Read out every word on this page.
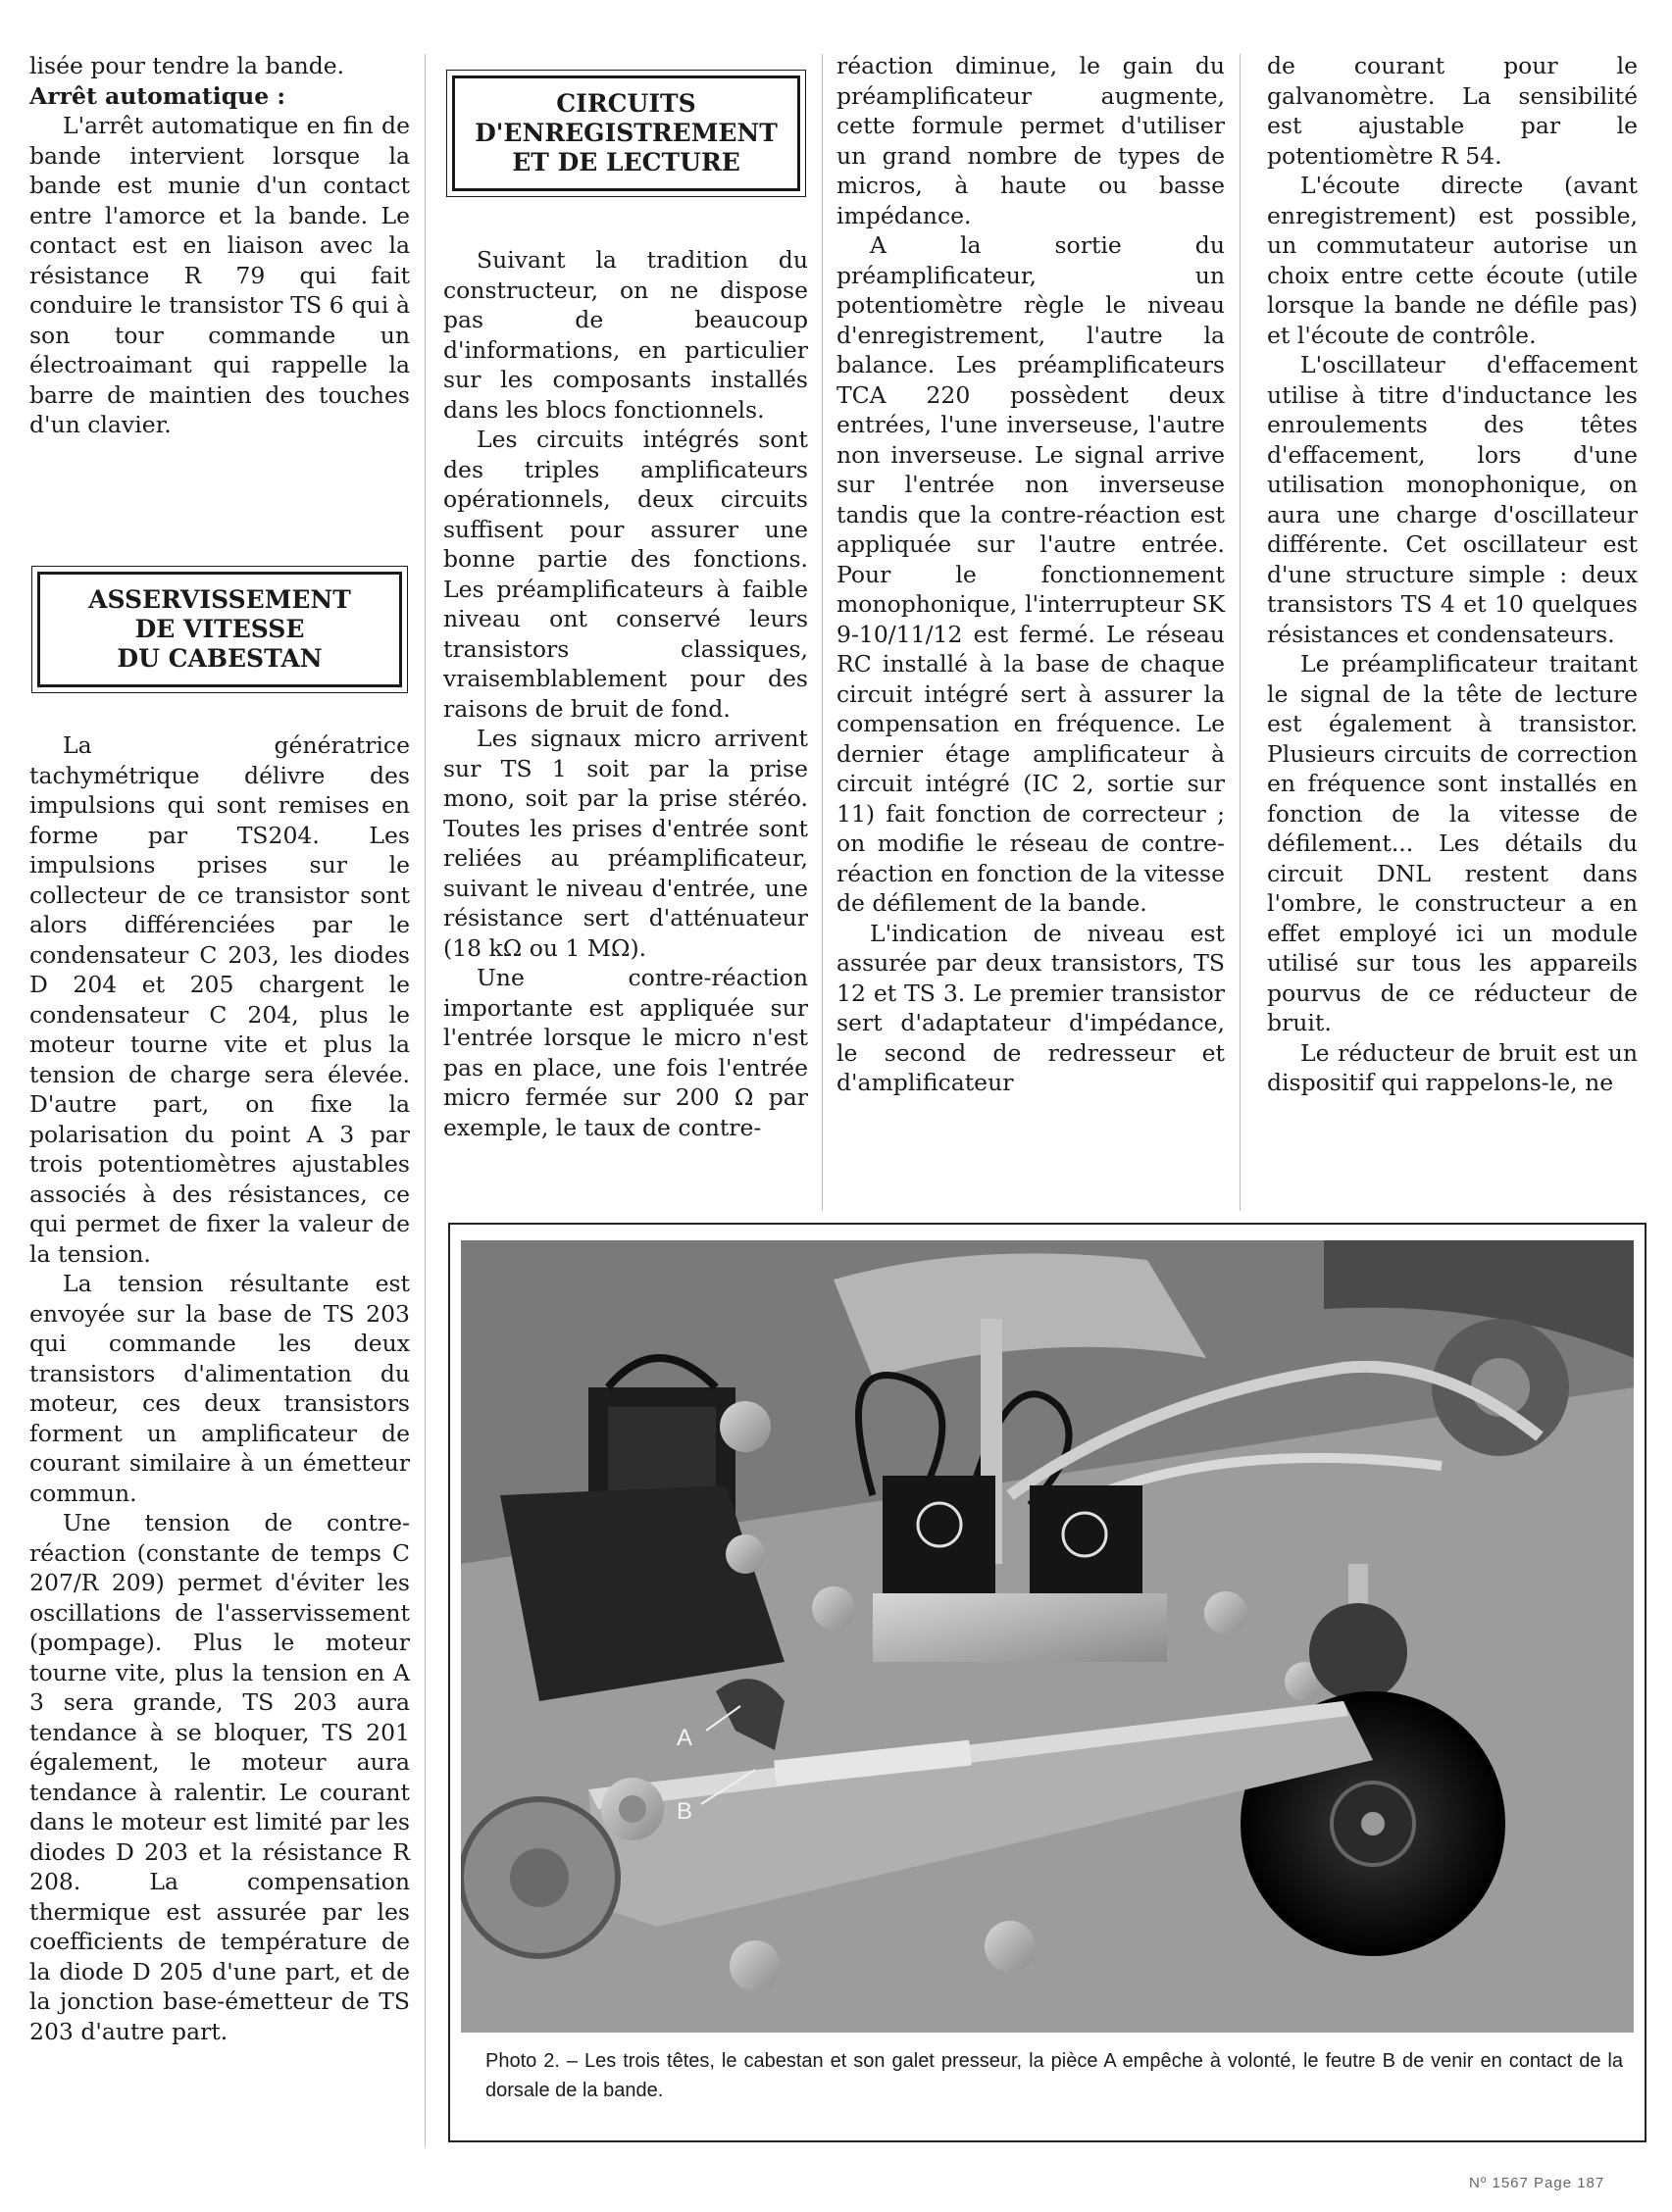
lisée pour tendre la bande.

Arrêt automatique :

L'arrêt automatique en fin de bande intervient lorsque la bande est munie d'un contact entre l'amorce et la bande. Le contact est en liaison avec la résistance R 79 qui fait conduire le transistor TS 6 qui à son tour commande un électroaimant qui rappelle la barre de maintien des touches d'un clavier.

ASSERVISSEMENT
DE VITESSE
DU CABESTAN

La génératrice tachymétrique délivre des impulsions qui sont remises en forme par TS204. Les impulsions prises sur le collecteur de ce transistor sont alors différenciées par le condensateur C 203, les diodes D 204 et 205 chargent le condensateur C 204, plus le moteur tourne vite et plus la tension de charge sera élevée. D'autre part, on fixe la polarisation du point A 3 par trois potentiomètres ajustables associés à des résistances, ce qui permet de fixer la valeur de la tension.

La tension résultante est envoyée sur la base de TS 203 qui commande les deux transistors d'alimentation du moteur, ces deux transistors forment un amplificateur de courant similaire à un émetteur commun.

Une tension de contre-réaction (constante de temps C 207/R 209) permet d'éviter les oscillations de l'asservissement (pompage). Plus le moteur tourne vite, plus la tension en A 3 sera grande, TS 203 aura tendance à se bloquer, TS 201 également, le moteur aura tendance à ralentir. Le courant dans le moteur est limité par les diodes D 203 et la résistance R 208. La compensation thermique est assurée par les coefficients de température de la diode D 205 d'une part, et de la jonction base-émetteur de TS 203 d'autre part.

CIRCUITS
D'ENREGISTREMENT
ET DE LECTURE

Suivant la tradition du constructeur, on ne dispose pas de beaucoup d'informations, en particulier sur les composants installés dans les blocs fonctionnels.

Les circuits intégrés sont des triples amplificateurs opérationnels, deux circuits suffisent pour assurer une bonne partie des fonctions. Les préamplificateurs à faible niveau ont conservé leurs transistors classiques, vraisemblablement pour des raisons de bruit de fond.

Les signaux micro arrivent sur TS 1 soit par la prise mono, soit par la prise stéréo. Toutes les prises d'entrée sont reliées au préamplificateur, suivant le niveau d'entrée, une résistance sert d'atténuateur (18 kΩ ou 1 MΩ).

Une contre-réaction importante est appliquée sur l'entrée lorsque le micro n'est pas en place, une fois l'entrée micro fermée sur 200 Ω par exemple, le taux de contre-

réaction diminue, le gain du préamplificateur augmente, cette formule permet d'utiliser un grand nombre de types de micros, à haute ou basse impédance.

A la sortie du préamplificateur, un potentiomètre règle le niveau d'enregistrement, l'autre la balance. Les préamplificateurs TCA 220 possèdent deux entrées, l'une inverseuse, l'autre non inverseuse. Le signal arrive sur l'entrée non inverseuse tandis que la contre-réaction est appliquée sur l'autre entrée. Pour le fonctionnement monophonique, l'interrupteur SK 9-10/11/12 est fermé. Le réseau RC installé à la base de chaque circuit intégré sert à assurer la compensation en fréquence. Le dernier étage amplificateur à circuit intégré (IC 2, sortie sur 11) fait fonction de correcteur ; on modifie le réseau de contre-réaction en fonction de la vitesse de défilement de la bande.

L'indication de niveau est assurée par deux transistors, TS 12 et TS 3. Le premier transistor sert d'adaptateur d'impédance, le second de redresseur et d'amplificateur

de courant pour le galvanomètre. La sensibilité est ajustable par le potentiomètre R 54.

L'écoute directe (avant enregistrement) est possible, un commutateur autorise un choix entre cette écoute (utile lorsque la bande ne défile pas) et l'écoute de contrôle.

L'oscillateur d'effacement utilise à titre d'inductance les enroulements des têtes d'effacement, lors d'une utilisation monophonique, on aura une charge d'oscillateur différente. Cet oscillateur est d'une structure simple : deux transistors TS 4 et 10 quelques résistances et condensateurs.

Le préamplificateur traitant le signal de la tête de lecture est également à transistor. Plusieurs circuits de correction en fréquence sont installés en fonction de la vitesse de défilement... Les détails du circuit DNL restent dans l'ombre, le constructeur a en effet employé ici un module utilisé sur tous les appareils pourvus de ce réducteur de bruit.

Le réducteur de bruit est un dispositif qui rappelons-le, ne

A
B
Photo 2. – Les trois têtes, le cabestan et son galet presseur, la pièce A empêche à volonté, le feutre B de venir en contact de la dorsale de la bande.
Nº 1567 Page 187
